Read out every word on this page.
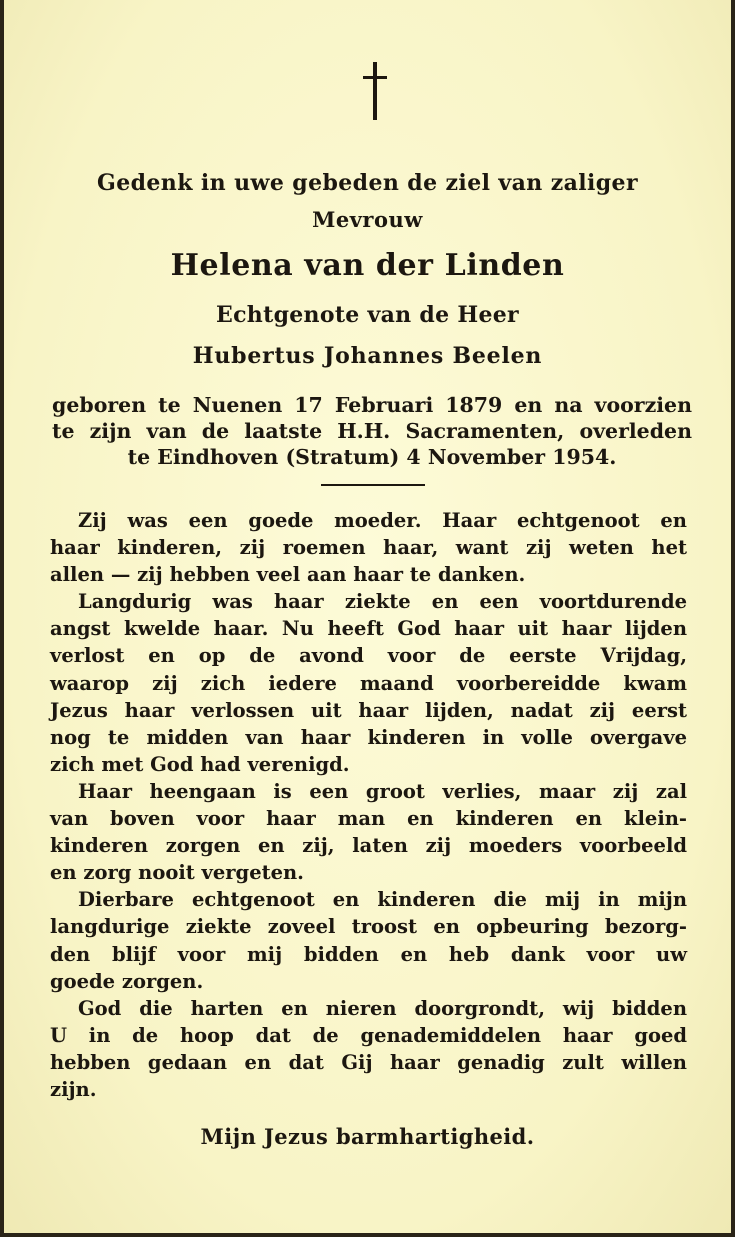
Gedenk in uwe gebeden de ziel van zaliger
Mevrouw
Helena van der Linden
Echtgenote van de Heer
Hubertus Johannes Beelen
geboren te Nuenen 17 Februari 1879 en na voorzien
te zijn van de laatste H.H. Sacramenten, overleden
te Eindhoven (Stratum) 4 November 1954.
Zij was een goede moeder. Haar echtgenoot en
haar kinderen, zij roemen haar, want zij weten het
allen — zij hebben veel aan haar te danken.
Langdurig was haar ziekte en een voortdurende
angst kwelde haar. Nu heeft God haar uit haar lijden
verlost en op de avond voor de eerste Vrijdag,
waarop zij zich iedere maand voorbereidde kwam
Jezus haar verlossen uit haar lijden, nadat zij eerst
nog te midden van haar kinderen in volle overgave
zich met God had verenigd.
Haar heengaan is een groot verlies, maar zij zal
van boven voor haar man en kinderen en klein-
kinderen zorgen en zij, laten zij moeders voorbeeld
en zorg nooit vergeten.
Dierbare echtgenoot en kinderen die mij in mijn
langdurige ziekte zoveel troost en opbeuring bezorg-
den blijf voor mij bidden en heb dank voor uw
goede zorgen.
God die harten en nieren doorgrondt, wij bidden
U in de hoop dat de genademiddelen haar goed
hebben gedaan en dat Gij haar genadig zult willen
zijn.
Mijn Jezus barmhartigheid.
